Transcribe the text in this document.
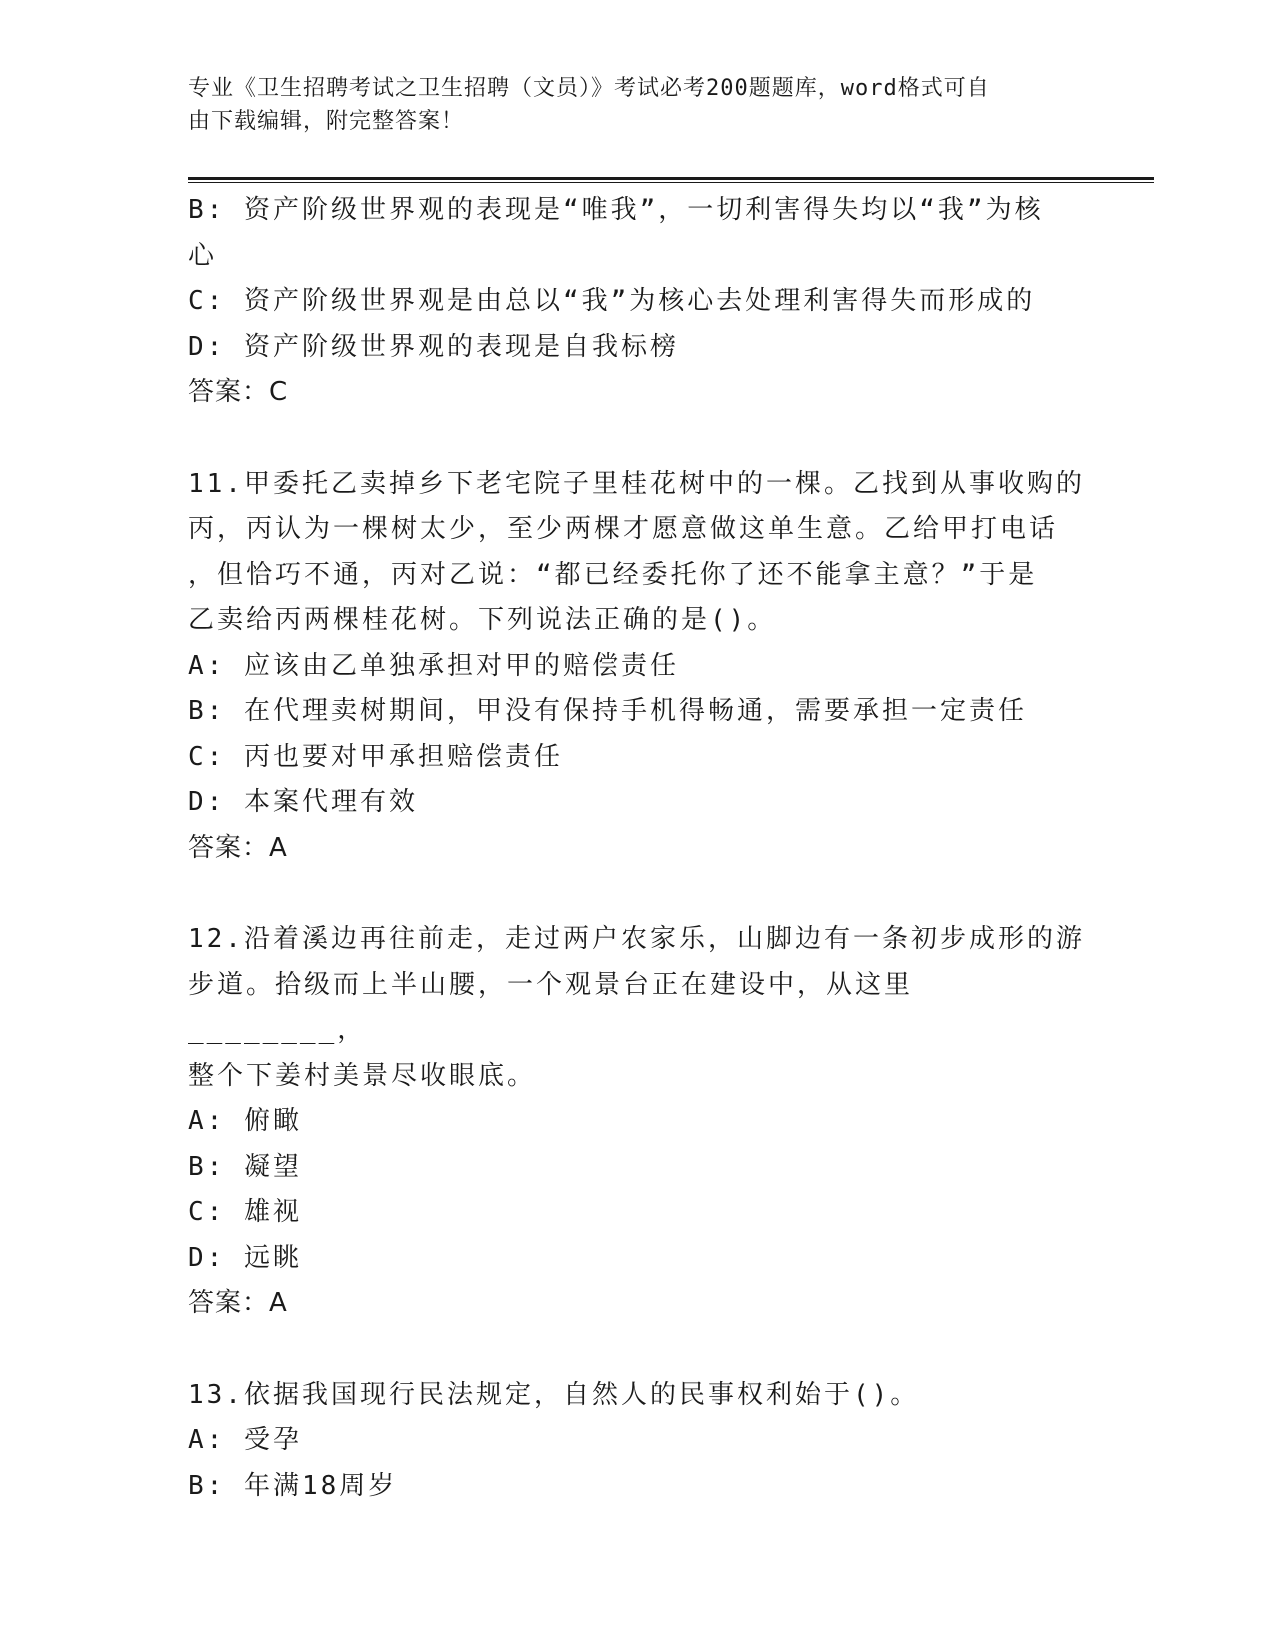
专业《卫生招聘考试之卫生招聘（文员）》考试必考200题题库，word格式可自
由下载编辑，附完整答案！
B: 资产阶级世界观的表现是“唯我”，一切利害得失均以“我”为核
心
C: 资产阶级世界观是由总以“我”为核心去处理利害得失而形成的
D: 资产阶级世界观的表现是自我标榜
答案：C
11.甲委托乙卖掉乡下老宅院子里桂花树中的一棵。乙找到从事收购的
丙，丙认为一棵树太少，至少两棵才愿意做这单生意。乙给甲打电话
，但恰巧不通，丙对乙说：“都已经委托你了还不能拿主意？”于是
乙卖给丙两棵桂花树。下列说法正确的是()。
A: 应该由乙单独承担对甲的赔偿责任
B: 在代理卖树期间，甲没有保持手机得畅通，需要承担一定责任
C: 丙也要对甲承担赔偿责任
D: 本案代理有效
答案：A
12.沿着溪边再往前走，走过两户农家乐，山脚边有一条初步成形的游
步道。拾级而上半山腰，一个观景台正在建设中，从这里________，
整个下姜村美景尽收眼底。
A: 俯瞰
B: 凝望
C: 雄视
D: 远眺
答案：A
13.依据我国现行民法规定，自然人的民事权利始于()。
A: 受孕
B: 年满18周岁
